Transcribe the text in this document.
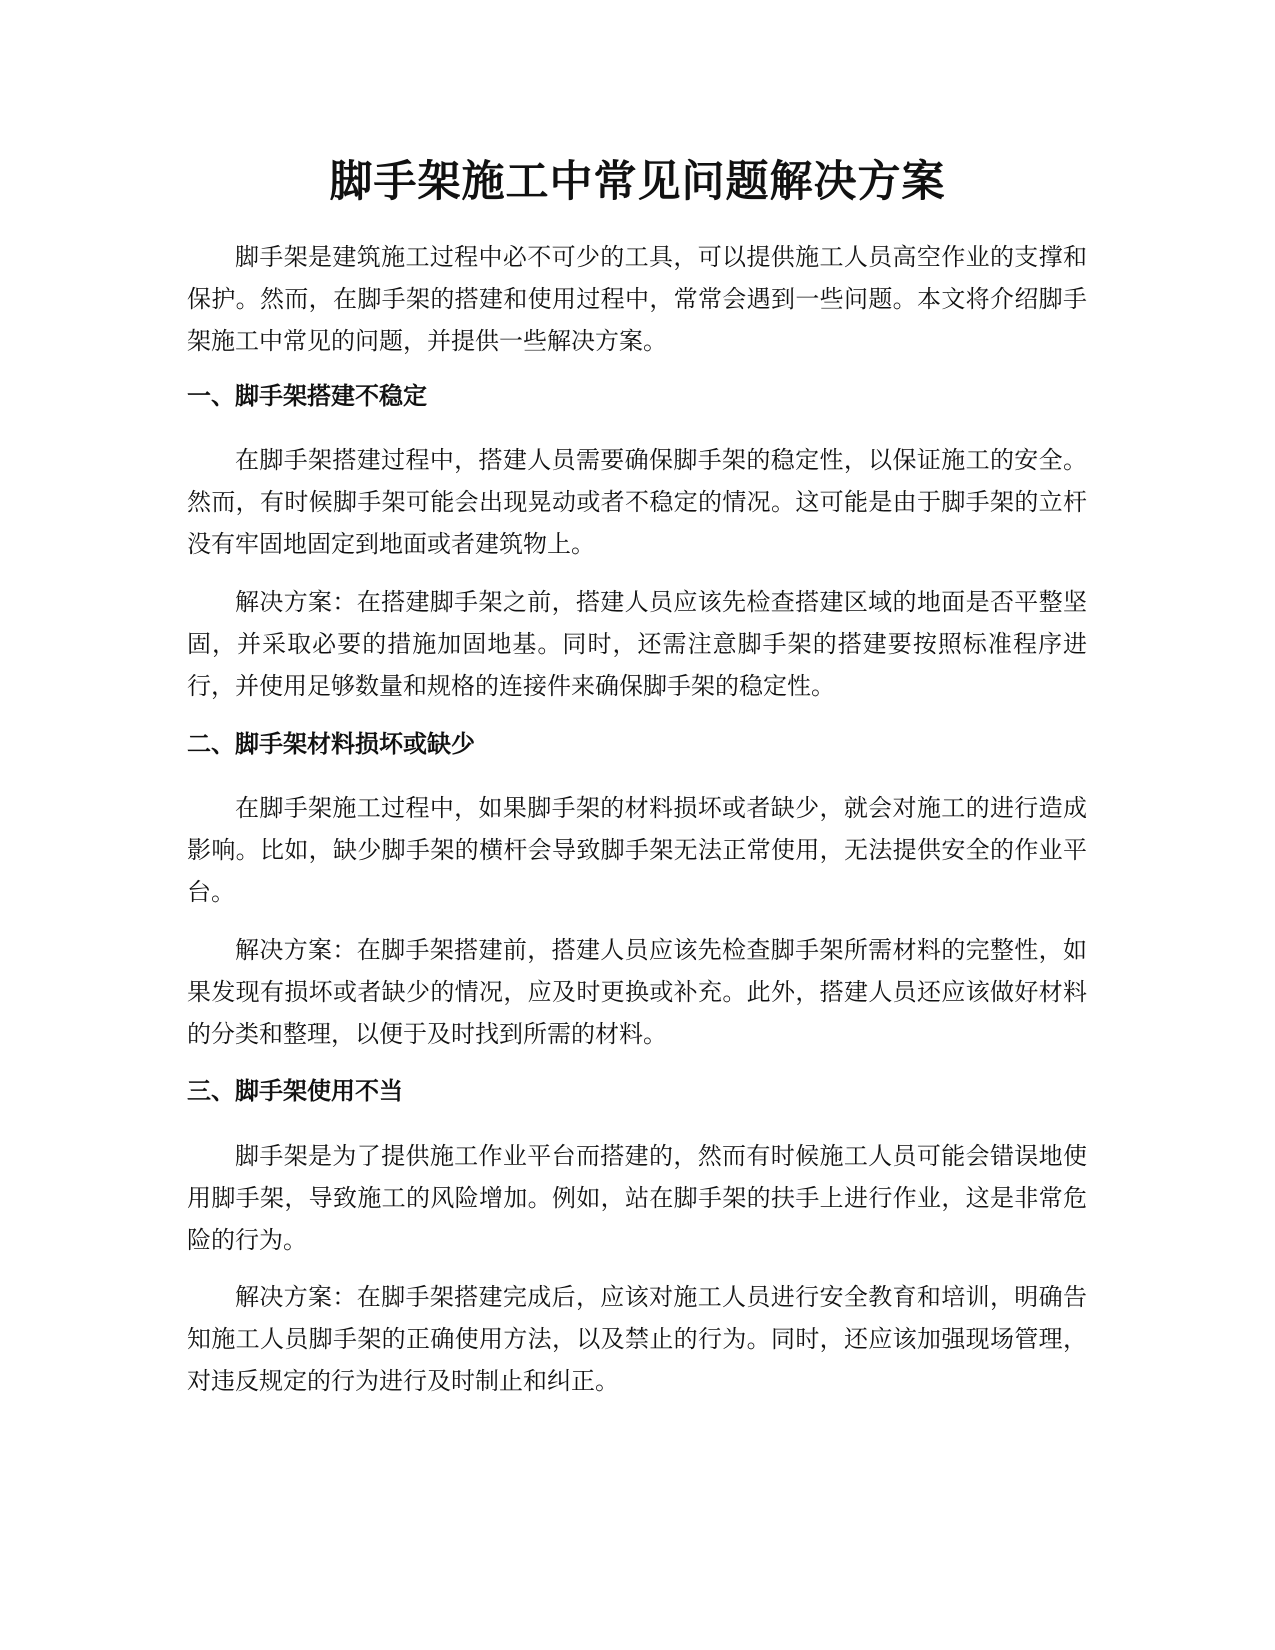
脚手架施工中常见问题解决方案

脚手架是建筑施工过程中必不可少的工具，可以提供施工人员高空作业的支撑和保护。然而，在脚手架的搭建和使用过程中，常常会遇到一些问题。本文将介绍脚手架施工中常见的问题，并提供一些解决方案。

一、脚手架搭建不稳定

在脚手架搭建过程中，搭建人员需要确保脚手架的稳定性，以保证施工的安全。然而，有时候脚手架可能会出现晃动或者不稳定的情况。这可能是由于脚手架的立杆没有牢固地固定到地面或者建筑物上。

解决方案：在搭建脚手架之前，搭建人员应该先检查搭建区域的地面是否平整坚固，并采取必要的措施加固地基。同时，还需注意脚手架的搭建要按照标准程序进行，并使用足够数量和规格的连接件来确保脚手架的稳定性。

二、脚手架材料损坏或缺少

在脚手架施工过程中，如果脚手架的材料损坏或者缺少，就会对施工的进行造成影响。比如，缺少脚手架的横杆会导致脚手架无法正常使用，无法提供安全的作业平台。

解决方案：在脚手架搭建前，搭建人员应该先检查脚手架所需材料的完整性，如果发现有损坏或者缺少的情况，应及时更换或补充。此外，搭建人员还应该做好材料的分类和整理，以便于及时找到所需的材料。

三、脚手架使用不当

脚手架是为了提供施工作业平台而搭建的，然而有时候施工人员可能会错误地使用脚手架，导致施工的风险增加。例如，站在脚手架的扶手上进行作业，这是非常危险的行为。

解决方案：在脚手架搭建完成后，应该对施工人员进行安全教育和培训，明确告知施工人员脚手架的正确使用方法，以及禁止的行为。同时，还应该加强现场管理，对违反规定的行为进行及时制止和纠正。
